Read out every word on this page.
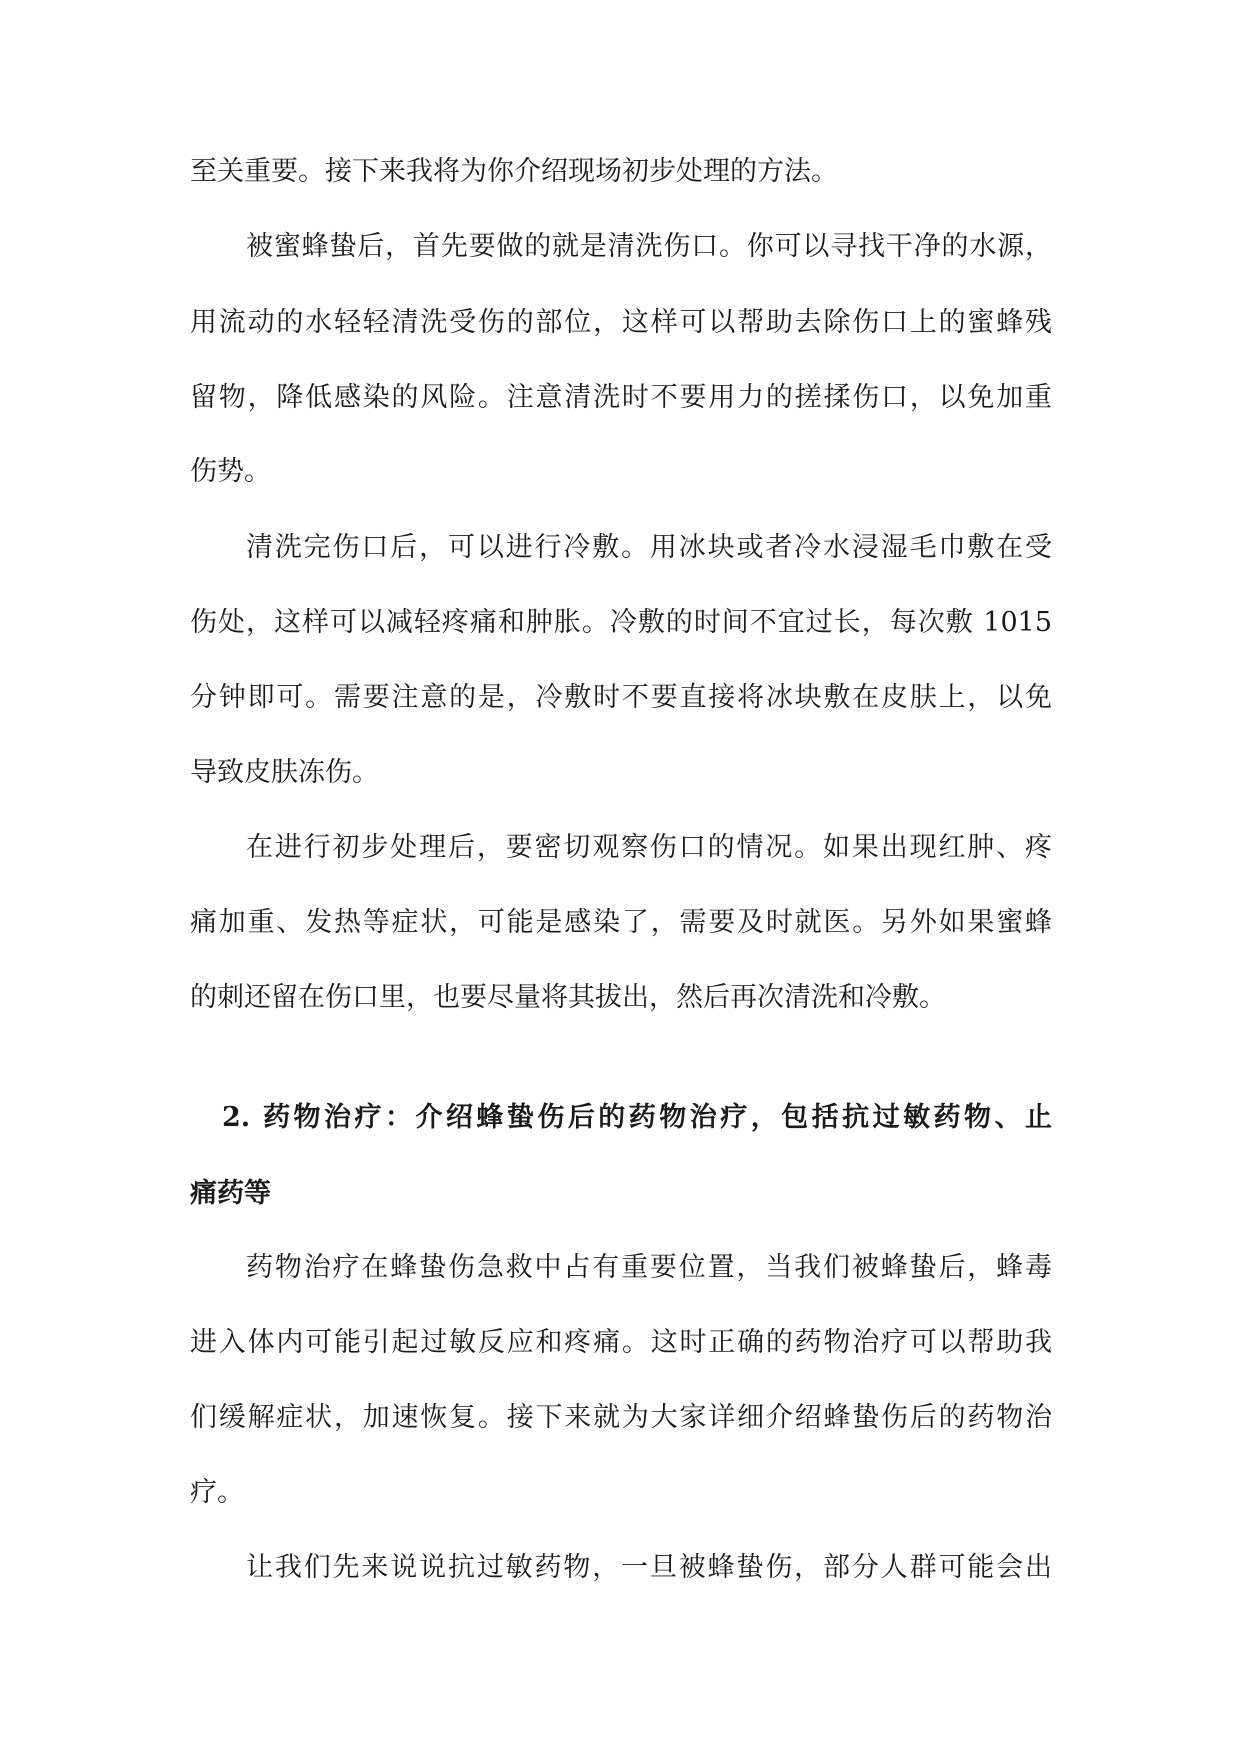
至关重要。接下来我将为你介绍现场初步处理的方法。
被蜜蜂蛰后，首先要做的就是清洗伤口。你可以寻找干净的水源，
用流动的水轻轻清洗受伤的部位，这样可以帮助去除伤口上的蜜蜂残
留物，降低感染的风险。注意清洗时不要用力的搓揉伤口，以免加重
伤势。
清洗完伤口后，可以进行冷敷。用冰块或者冷水浸湿毛巾敷在受
伤处，这样可以减轻疼痛和肿胀。冷敷的时间不宜过长，每次敷 1015
分钟即可。需要注意的是，冷敷时不要直接将冰块敷在皮肤上，以免
导致皮肤冻伤。
在进行初步处理后，要密切观察伤口的情况。如果出现红肿、疼
痛加重、发热等症状，可能是感染了，需要及时就医。另外如果蜜蜂
的刺还留在伤口里，也要尽量将其拔出，然后再次清洗和冷敷。
2. 药物治疗：介绍蜂蛰伤后的药物治疗，包括抗过敏药物、止
痛药等
药物治疗在蜂蛰伤急救中占有重要位置，当我们被蜂蛰后，蜂毒
进入体内可能引起过敏反应和疼痛。这时正确的药物治疗可以帮助我
们缓解症状，加速恢复。接下来就为大家详细介绍蜂蛰伤后的药物治
疗。
让我们先来说说抗过敏药物，一旦被蜂蛰伤，部分人群可能会出
